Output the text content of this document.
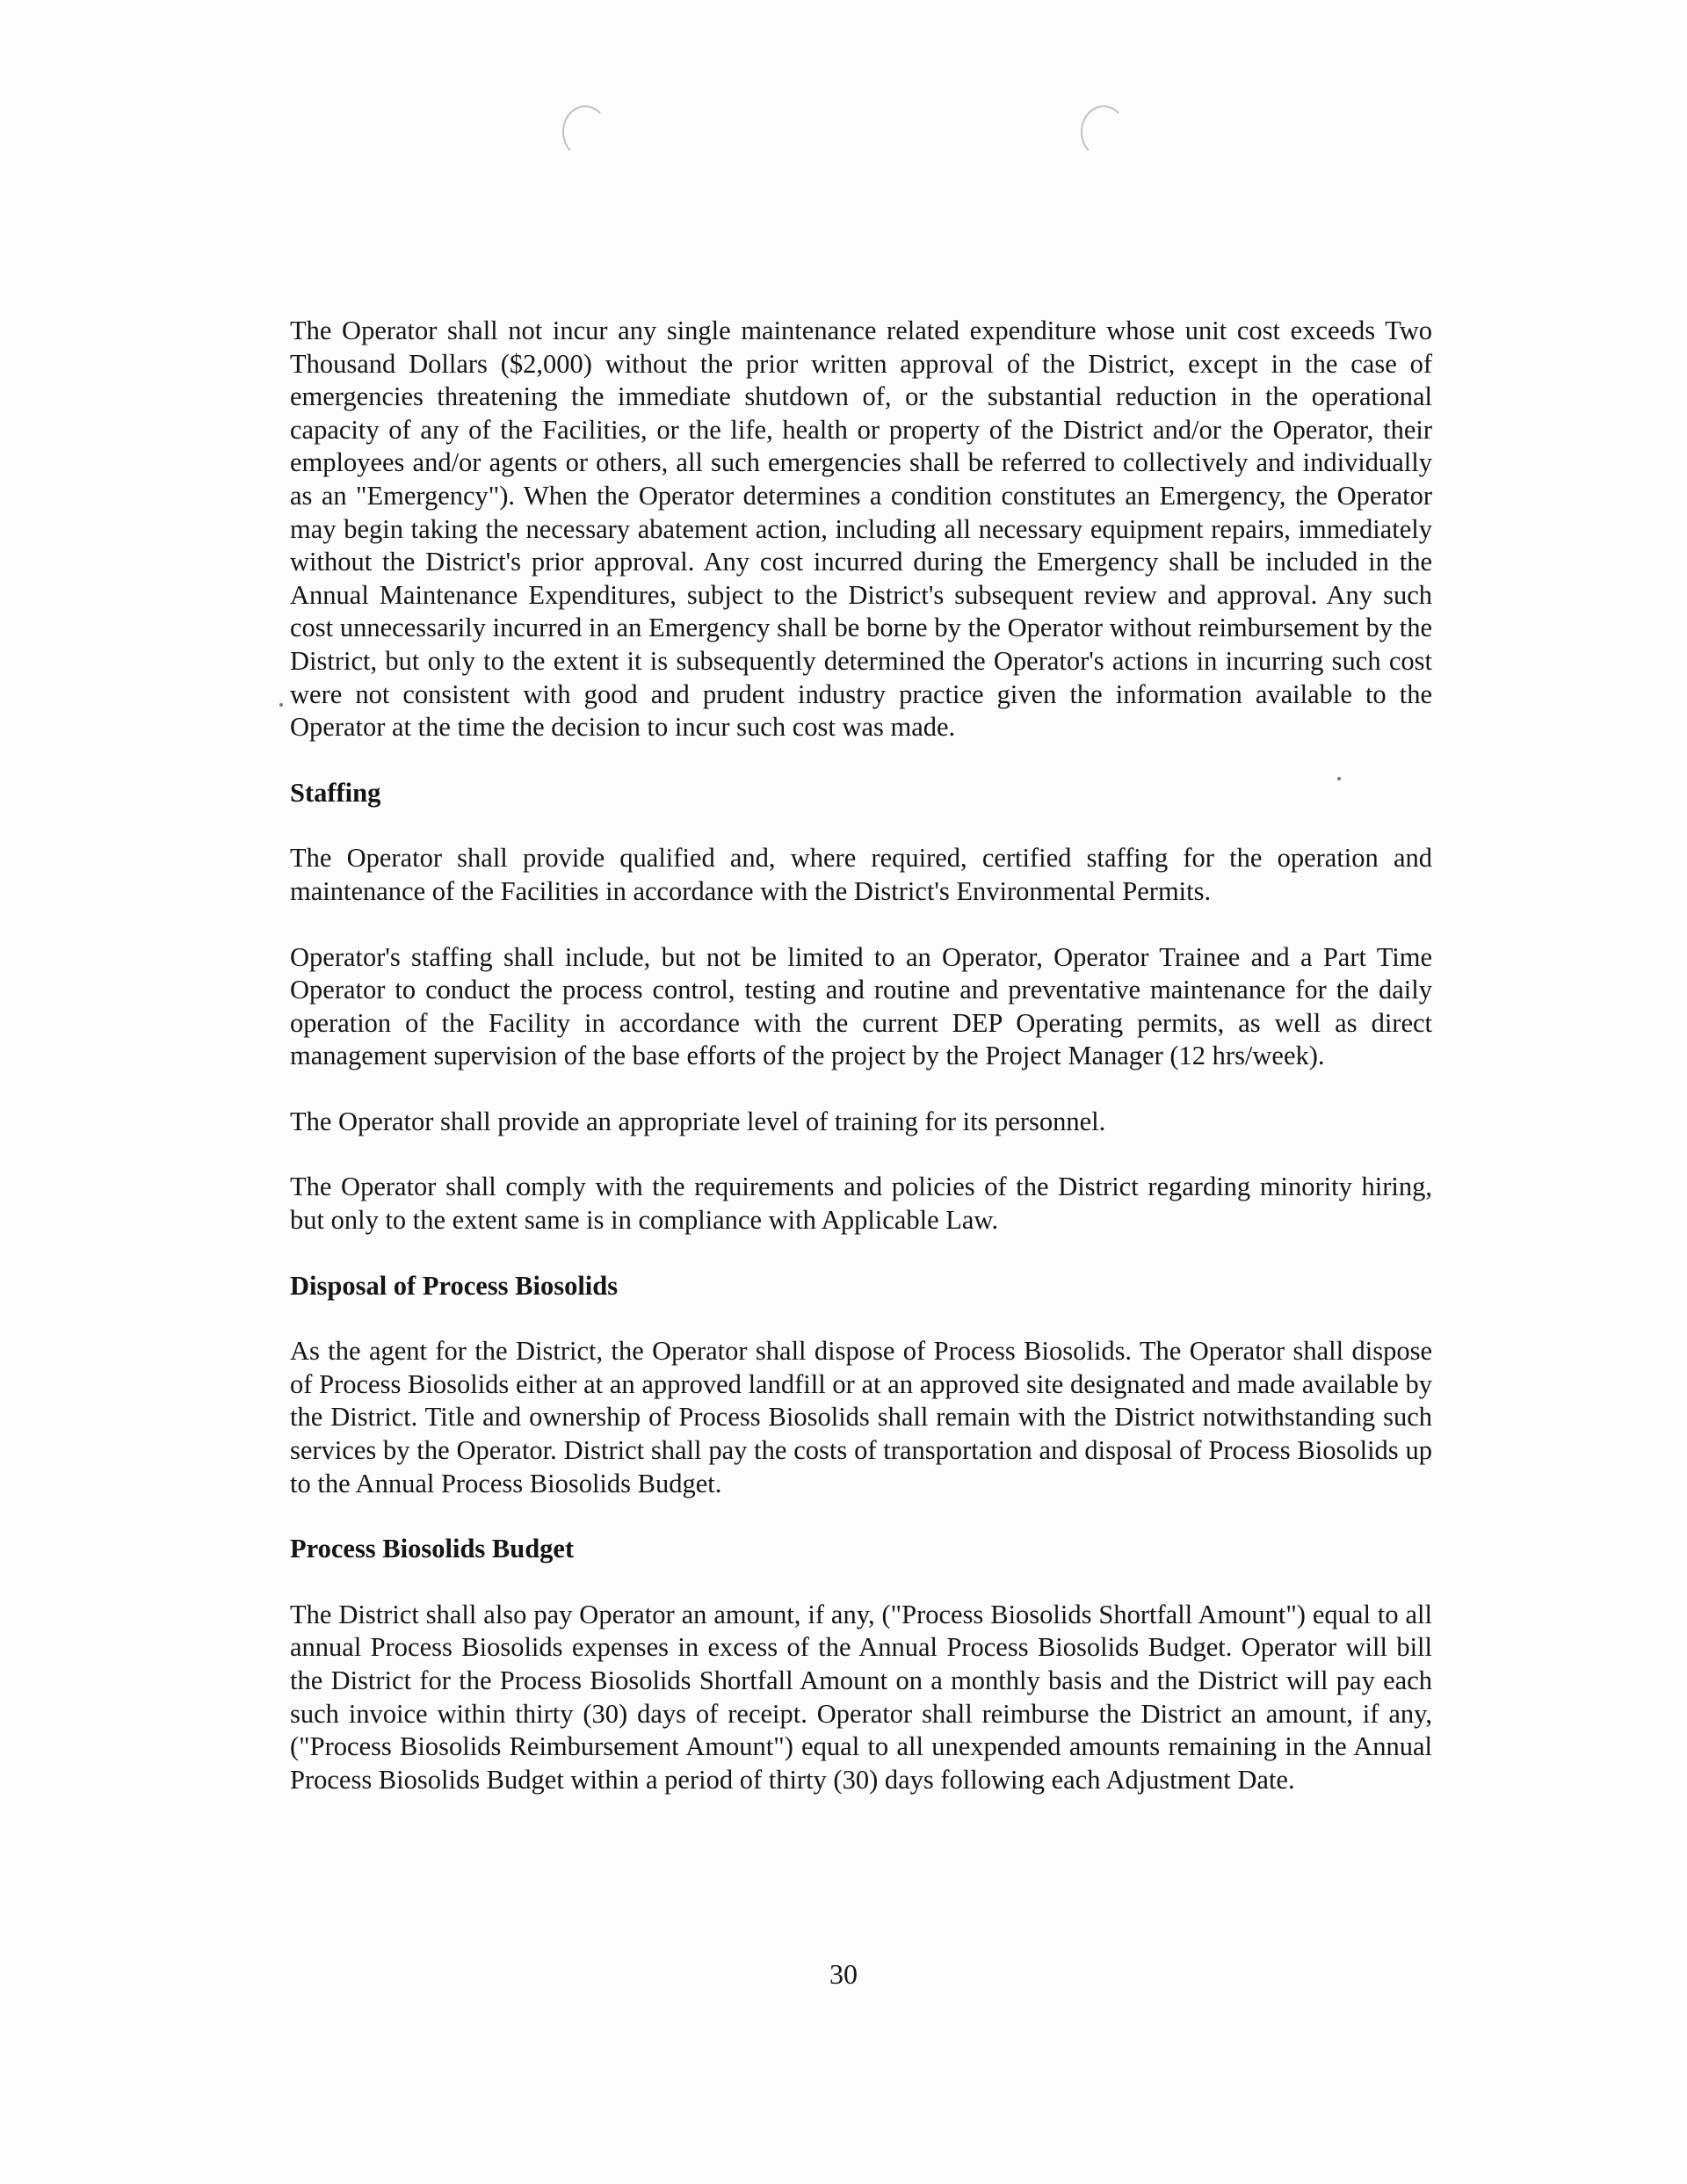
The Operator shall not incur any single maintenance related expenditure whose unit cost exceeds Two Thousand Dollars ($2,000) without the prior written approval of the District, except in the case of emergencies threatening the immediate shutdown of, or the substantial reduction in the operational capacity of any of the Facilities, or the life, health or property of the District and/or the Operator, their employees and/or agents or others, all such emergencies shall be referred to collectively and individually as an "Emergency"). When the Operator determines a condition constitutes an Emergency, the Operator may begin taking the necessary abatement action, including all necessary equipment repairs, immediately without the District's prior approval. Any cost incurred during the Emergency shall be included in the Annual Maintenance Expenditures, subject to the District's subsequent review and approval. Any such cost unnecessarily incurred in an Emergency shall be borne by the Operator without reimbursement by the District, but only to the extent it is subsequently determined the Operator's actions in incurring such cost were not consistent with good and prudent industry practice given the information available to the Operator at the time the decision to incur such cost was made.

Staffing

The Operator shall provide qualified and, where required, certified staffing for the operation and maintenance of the Facilities in accordance with the District's Environmental Permits.

Operator's staffing shall include, but not be limited to an Operator, Operator Trainee and a Part Time Operator to conduct the process control, testing and routine and preventative maintenance for the daily operation of the Facility in accordance with the current DEP Operating permits, as well as direct management supervision of the base efforts of the project by the Project Manager (12 hrs/week).

The Operator shall provide an appropriate level of training for its personnel.

The Operator shall comply with the requirements and policies of the District regarding minority hiring, but only to the extent same is in compliance with Applicable Law.

Disposal of Process Biosolids

As the agent for the District, the Operator shall dispose of Process Biosolids. The Operator shall dispose of Process Biosolids either at an approved landfill or at an approved site designated and made available by the District. Title and ownership of Process Biosolids shall remain with the District notwithstanding such services by the Operator. District shall pay the costs of transportation and disposal of Process Biosolids up to the Annual Process Biosolids Budget.

Process Biosolids Budget

The District shall also pay Operator an amount, if any, ("Process Biosolids Shortfall Amount") equal to all annual Process Biosolids expenses in excess of the Annual Process Biosolids Budget. Operator will bill the District for the Process Biosolids Shortfall Amount on a monthly basis and the District will pay each such invoice within thirty (30) days of receipt. Operator shall reimburse the District an amount, if any, ("Process Biosolids Reimbursement Amount") equal to all unexpended amounts remaining in the Annual Process Biosolids Budget within a period of thirty (30) days following each Adjustment Date.

30
